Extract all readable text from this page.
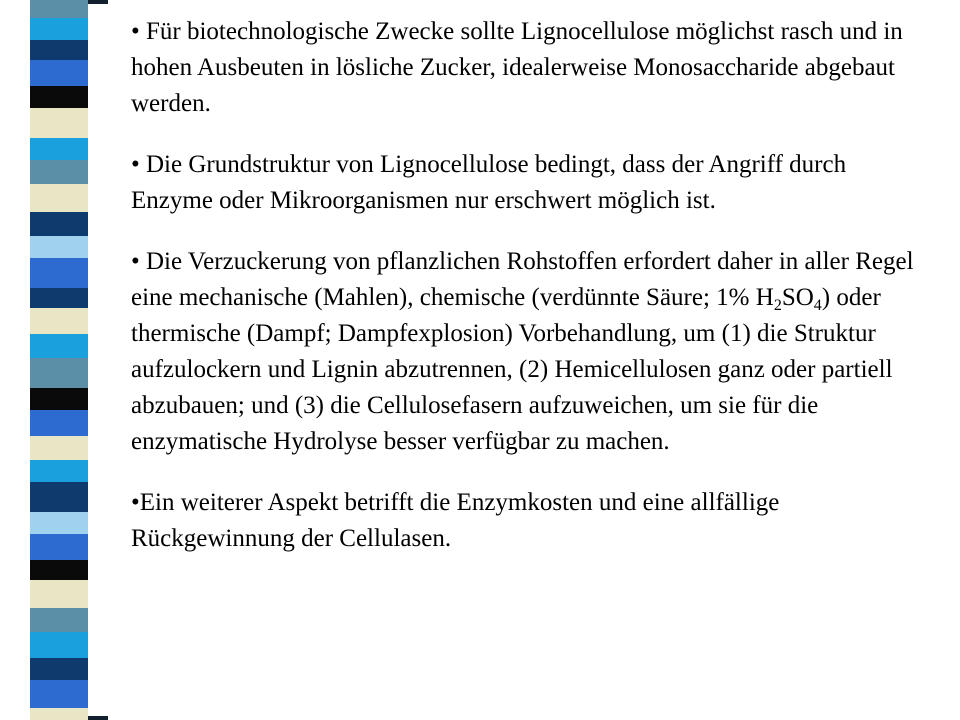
• Für biotechnologische Zwecke sollte Lignocellulose möglichst rasch und in hohen Ausbeuten in lösliche Zucker, idealerweise Monosaccharide abgebaut werden.

• Die Grundstruktur von Lignocellulose bedingt, dass der Angriff durch Enzyme oder Mikroorganismen nur erschwert möglich ist.

• Die Verzuckerung von pflanzlichen Rohstoffen erfordert daher in aller Regel eine mechanische (Mahlen), chemische (verdünnte Säure; 1% $H_2SO_4$) oder thermische (Dampf; Dampfexplosion) Vorbehandlung, um (1) die Struktur aufzulockern und Lignin abzutrennen, (2) Hemicellulosen ganz oder partiell abzubauen; und (3) die Cellulosefasern aufzuweichen, um sie für die enzymatische Hydrolyse besser verfügbar zu machen.

•Ein weiterer Aspekt betrifft die Enzymkosten und eine allfällige Rückgewinnung der Cellulasen.
